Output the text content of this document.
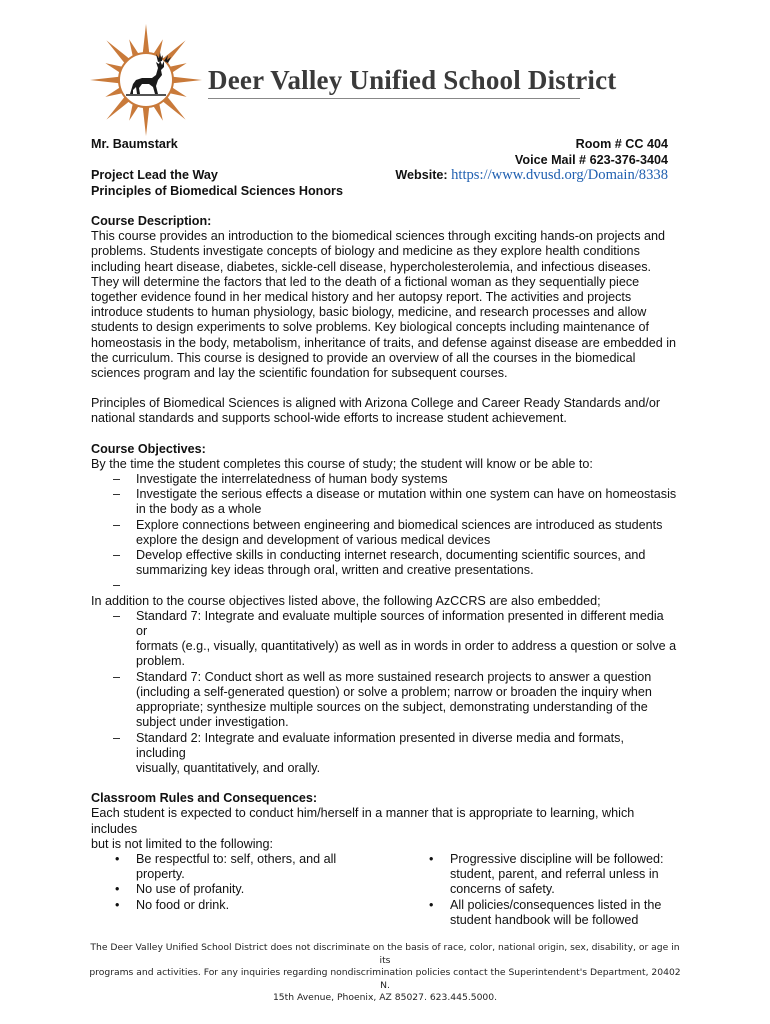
Deer Valley Unified School District
Mr. Baumstark
Project Lead the Way
Principles of Biomedical Sciences Honors
Room # CC 404
Voice Mail # 623-376-3404
Website: https://www.dvusd.org/Domain/8338
Course Description:

This course provides an introduction to the biomedical sciences through exciting hands-on projects and
problems. Students investigate concepts of biology and medicine as they explore health conditions
including heart disease, diabetes, sickle-cell disease, hypercholesterolemia, and infectious diseases.
They will determine the factors that led to the death of a fictional woman as they sequentially piece
together evidence found in her medical history and her autopsy report. The activities and projects
introduce students to human physiology, basic biology, medicine, and research processes and allow
students to design experiments to solve problems. Key biological concepts including maintenance of
homeostasis in the body, metabolism, inheritance of traits, and defense against disease are embedded in
the curriculum. This course is designed to provide an overview of all the courses in the biomedical
sciences program and lay the scientific foundation for subsequent courses.

Principles of Biomedical Sciences is aligned with Arizona College and Career Ready Standards and/or
national standards and supports school-wide efforts to increase student achievement.

Course Objectives:

By the time the student completes this course of study; the student will know or be able to:

– Investigate the interrelatedness of human body systems
– Investigate the serious effects a disease or mutation within one system can have on homeostasis
in the body as a whole
– Explore connections between engineering and biomedical sciences are introduced as students
explore the design and development of various medical devices
– Develop effective skills in conducting internet research, documenting scientific sources, and
summarizing key ideas through oral, written and creative presentations.
–

In addition to the course objectives listed above, the following AzCCRS are also embedded;

– Standard 7: Integrate and evaluate multiple sources of information presented in different media or
formats (e.g., visually, quantitatively) as well as in words in order to address a question or solve a
problem.
– Standard 7: Conduct short as well as more sustained research projects to answer a question
(including a self-generated question) or solve a problem; narrow or broaden the inquiry when
appropriate; synthesize multiple sources on the subject, demonstrating understanding of the
subject under investigation.
– Standard 2: Integrate and evaluate information presented in diverse media and formats, including
visually, quantitatively, and orally.
Classroom Rules and Consequences:

Each student is expected to conduct him/herself in a manner that is appropriate to learning, which includes
but is not limited to the following:

• Be respectful to: self, others, and all
property.
• No use of profanity.
• No food or drink.
• Progressive discipline will be followed:
student, parent, and referral unless in
concerns of safety.
• All policies/consequences listed in the
student handbook will be followed
The Deer Valley Unified School District does not discriminate on the basis of race, color, national origin, sex, disability, or age in its
programs and activities. For any inquiries regarding nondiscrimination policies contact the Superintendent's Department, 20402 N.
15th Avenue, Phoenix, AZ 85027. 623.445.5000.
